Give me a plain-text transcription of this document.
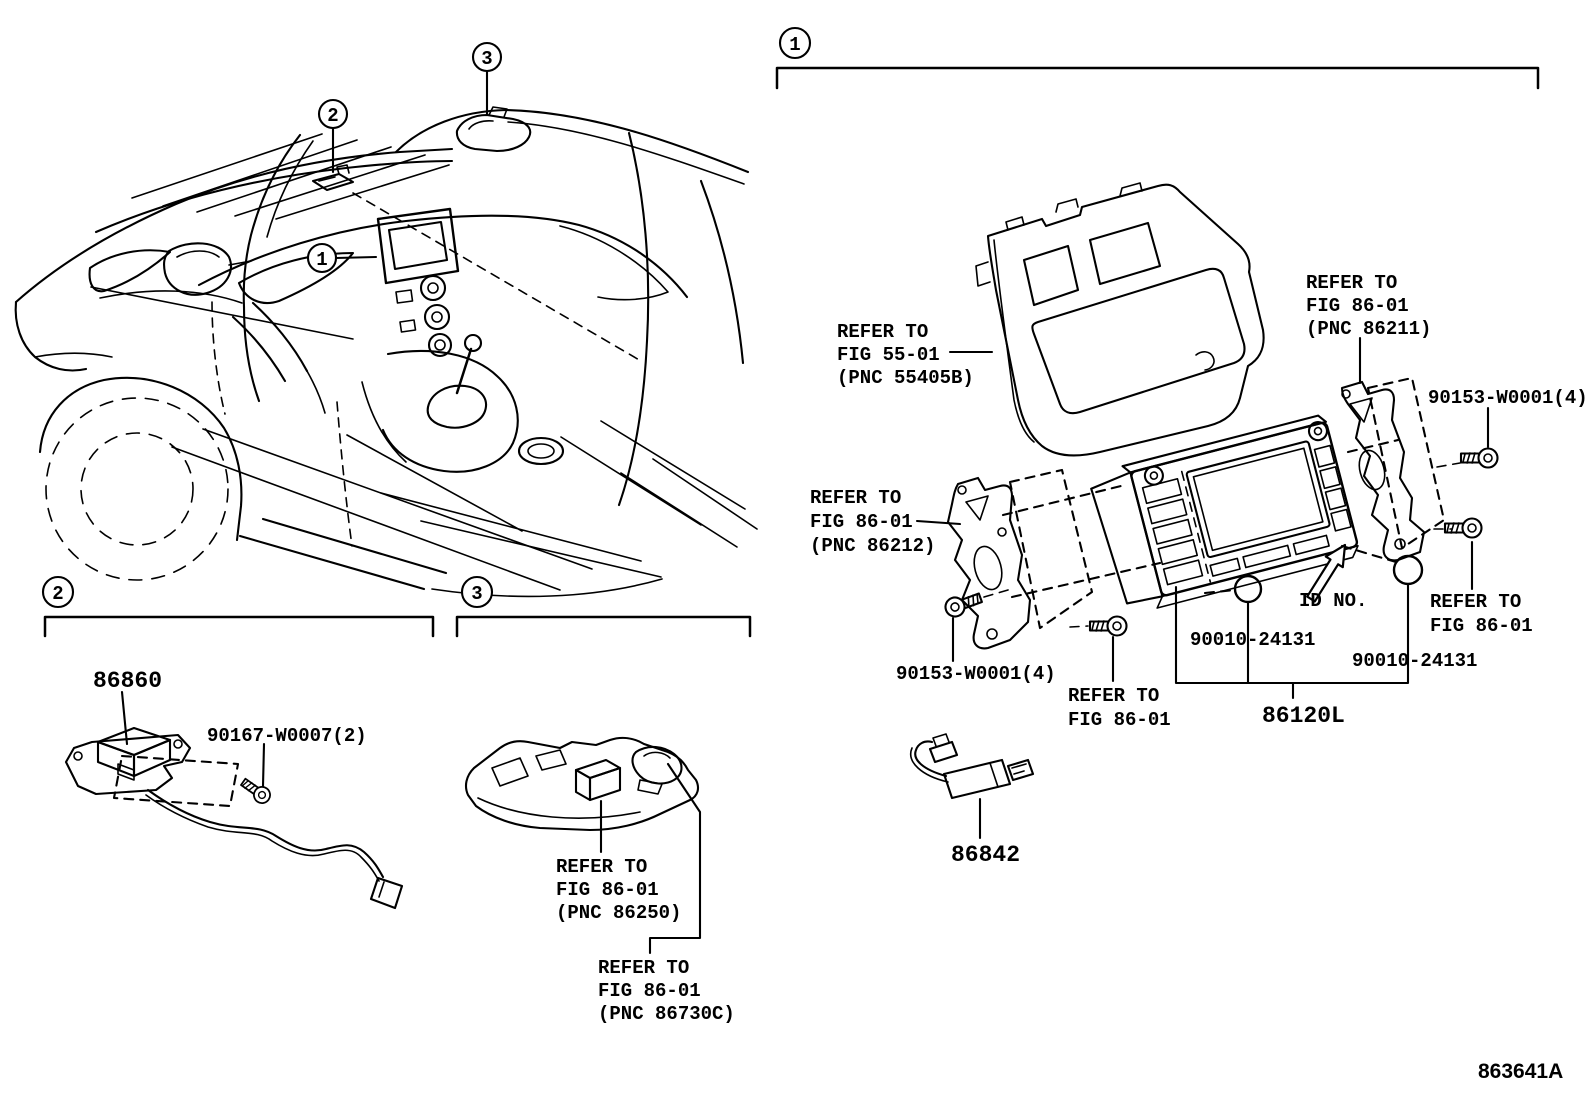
1
2	3
2
3
1
REFER TO
FIG 55-01
(PNC 55405B)
REFER TO
FIG 86-01
(PNC 86211)
90153-W0001(4)
REFER TO
FIG 86-01
(PNC 86212)
90153-W0001(4)
REFER TO
FIG 86-01
90010-24131
90010-24131
ID NO.	REFER TO
FIG 86-01
86120L
86842
86860
90167-W0007(2)
REFER TO
FIG 86-01
(PNC 86250)
REFER TO
FIG 86-01
(PNC 86730C)
863641A
